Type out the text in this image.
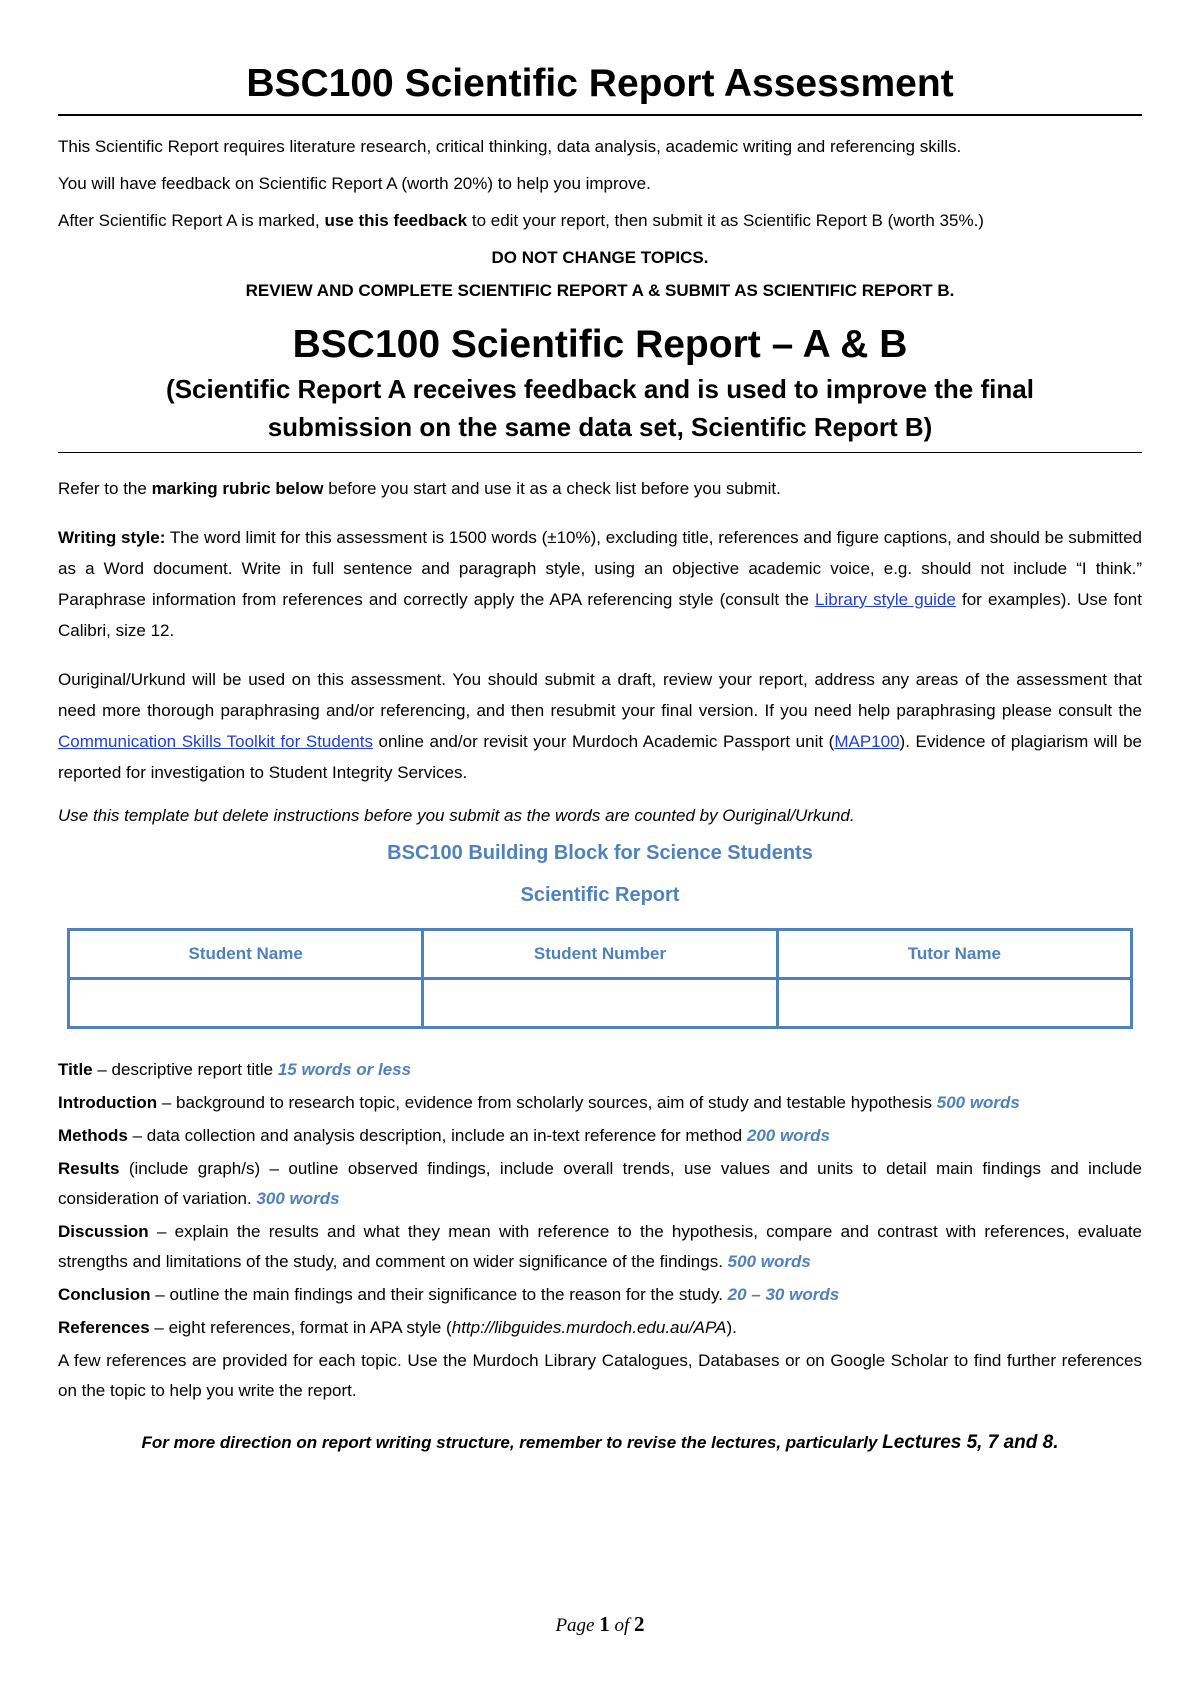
BSC100 Scientific Report Assessment

This Scientific Report requires literature research, critical thinking, data analysis, academic writing and referencing skills.

You will have feedback on Scientific Report A (worth 20%) to help you improve.

After Scientific Report A is marked, use this feedback to edit your report, then submit it as Scientific Report B (worth 35%.)

DO NOT CHANGE TOPICS.

REVIEW AND COMPLETE SCIENTIFIC REPORT A & SUBMIT AS SCIENTIFIC REPORT B.

BSC100 Scientific Report – A & B

(Scientific Report A receives feedback and is used to improve the final

submission on the same data set, Scientific Report B)

Refer to the marking rubric below before you start and use it as a check list before you submit.

Writing style: The word limit for this assessment is 1500 words (±10%), excluding title, references and figure captions, and should be submitted as a Word document. Write in full sentence and paragraph style, using an objective academic voice, e.g. should not include “I think.” Paraphrase information from references and correctly apply the APA referencing style (consult the Library style guide for examples). Use font Calibri, size 12.

Ouriginal/Urkund will be used on this assessment. You should submit a draft, review your report, address any areas of the assessment that need more thorough paraphrasing and/or referencing, and then resubmit your final version. If you need help paraphrasing please consult the Communication Skills Toolkit for Students online and/or revisit your Murdoch Academic Passport unit (MAP100). Evidence of plagiarism will be reported for investigation to Student Integrity Services.

Use this template but delete instructions before you submit as the words are counted by Ouriginal/Urkund.

BSC100 Building Block for Science Students

Scientific Report

Student Name	Student Number	Tutor Name

Title – descriptive report title 15 words or less

Introduction – background to research topic, evidence from scholarly sources, aim of study and testable hypothesis 500 words

Methods – data collection and analysis description, include an in-text reference for method 200 words

Results (include graph/s) – outline observed findings, include overall trends, use values and units to detail main findings and include consideration of variation. 300 words

Discussion – explain the results and what they mean with reference to the hypothesis, compare and contrast with references, evaluate strengths and limitations of the study, and comment on wider significance of the findings. 500 words

Conclusion – outline the main findings and their significance to the reason for the study. 20 – 30 words

References – eight references, format in APA style (http://libguides.murdoch.edu.au/APA).

A few references are provided for each topic. Use the Murdoch Library Catalogues, Databases or on Google Scholar to find further references on the topic to help you write the report.

For more direction on report writing structure, remember to revise the lectures, particularly Lectures 5, 7 and 8.

Page 1 of 2
